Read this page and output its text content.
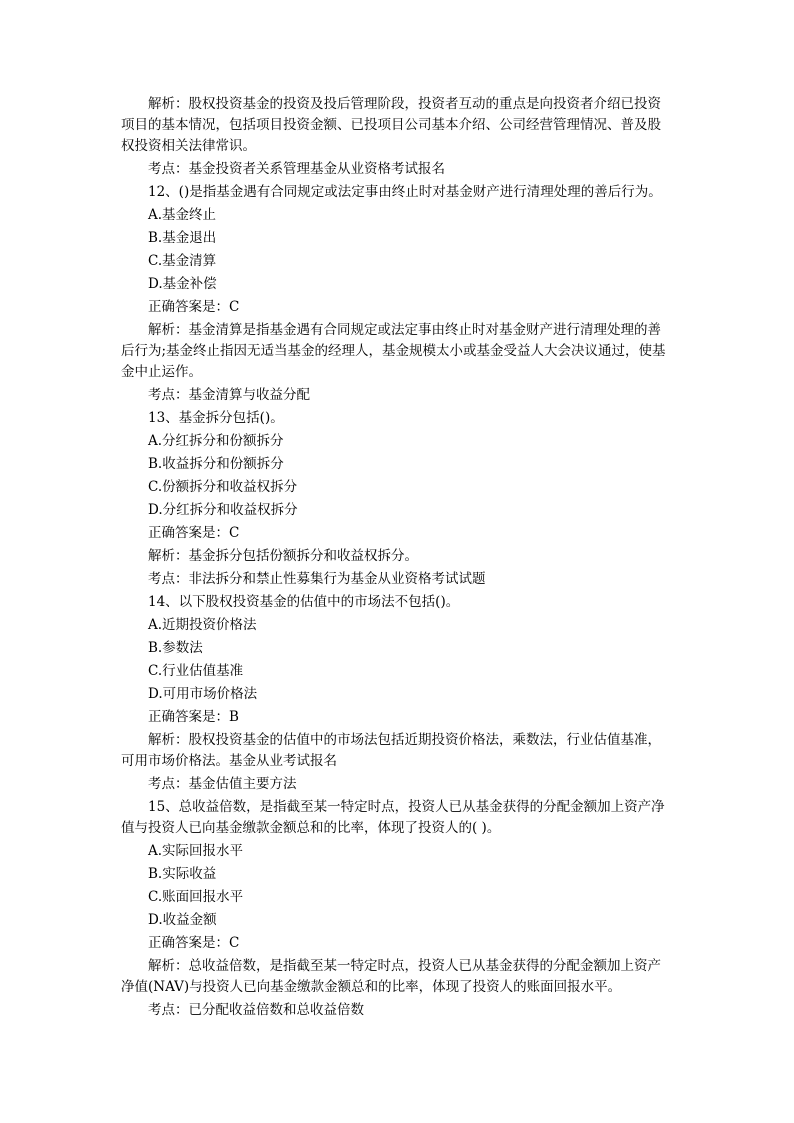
解析：股权投资基金的投资及投后管理阶段，投资者互动的重点是向投资者介绍已投资项目的基本情况，包括项目投资金额、已投项目公司基本介绍、公司经营管理情况、普及股权投资相关法律常识。

考点：基金投资者关系管理基金从业资格考试报名

12、()是指基金遇有合同规定或法定事由终止时对基金财产进行清理处理的善后行为。

A.基金终止

B.基金退出

C.基金清算

D.基金补偿

正确答案是：C

解析：基金清算是指基金遇有合同规定或法定事由终止时对基金财产进行清理处理的善后行为;基金终止指因无适当基金的经理人，基金规模太小或基金受益人大会决议通过，使基金中止运作。

考点：基金清算与收益分配

13、基金拆分包括()。

A.分红拆分和份额拆分

B.收益拆分和份额拆分

C.份额拆分和收益权拆分

D.分红拆分和收益权拆分

正确答案是：C

解析：基金拆分包括份额拆分和收益权拆分。

考点：非法拆分和禁止性募集行为基金从业资格考试试题

14、以下股权投资基金的估值中的市场法不包括()。

A.近期投资价格法

B.参数法

C.行业估值基准

D.可用市场价格法

正确答案是：B

解析：股权投资基金的估值中的市场法包括近期投资价格法，乘数法，行业估值基准，可用市场价格法。基金从业考试报名

考点：基金估值主要方法

15、总收益倍数，是指截至某一特定时点，投资人已从基金获得的分配金额加上资产净值与投资人已向基金缴款金额总和的比率，体现了投资人的( )。

A.实际回报水平

B.实际收益

C.账面回报水平

D.收益金额

正确答案是：C

解析：总收益倍数，是指截至某一特定时点，投资人已从基金获得的分配金额加上资产净值(NAV)与投资人已向基金缴款金额总和的比率，体现了投资人的账面回报水平。

考点：已分配收益倍数和总收益倍数
